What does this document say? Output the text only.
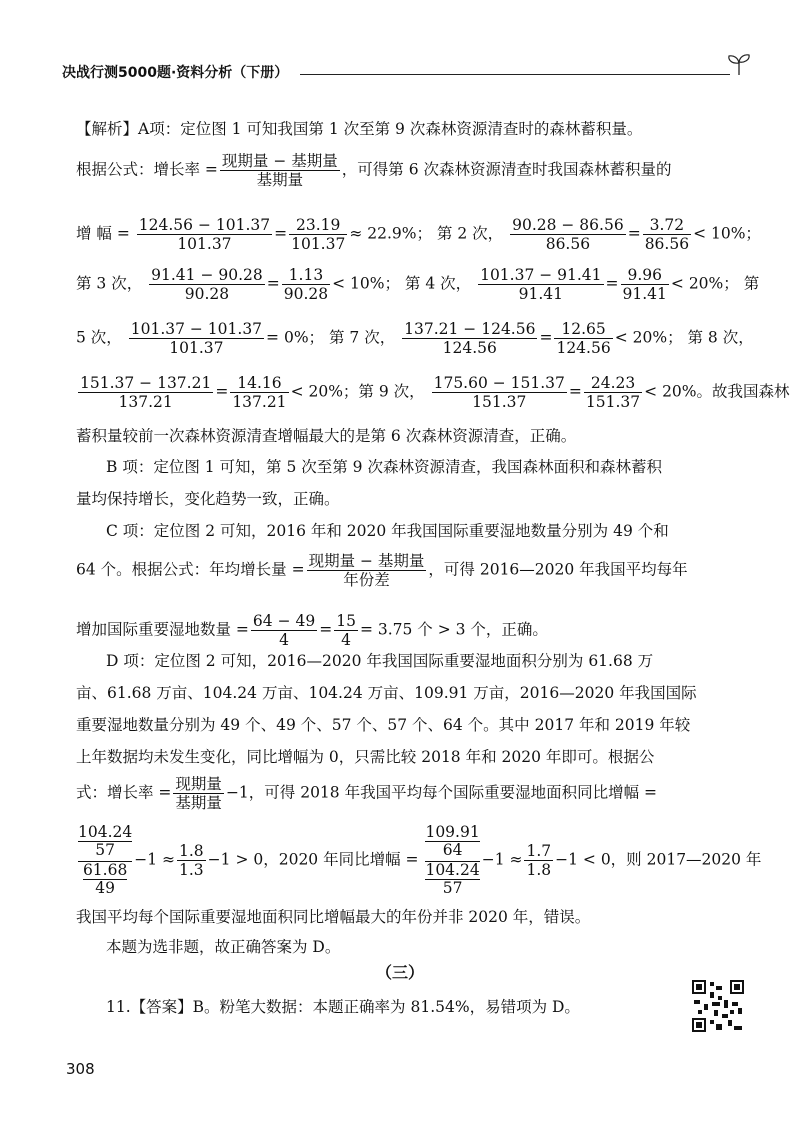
决战行测5000题·资料分析（下册）
【解析】A项：定位图 1 可知我国第 1 次至第 9 次森林资源清查时的森林蓄积量。
根据公式：增长率 = $\frac{\text{现期量 − 基期量}}{\text{基期量}}$ ，可得第 6 次森林资源清查时我国森林蓄积量的
增 幅 = $\frac{124.56 - 101.37}{101.37} = \frac{23.19}{101.37} \approx 22.9\%$； 第 2 次， $\frac{90.28 - 86.56}{86.56} = \frac{3.72}{86.56} < 10\%$；
第 3 次， $\frac{91.41 - 90.28}{90.28} = \frac{1.13}{90.28} < 10\%$； 第 4 次， $\frac{101.37 - 91.41}{91.41} = \frac{9.96}{91.41} < 20\%$； 第
5 次， $\frac{101.37 - 101.37}{101.37} = 0\%$； 第 7 次， $\frac{137.21 - 124.56}{124.56} = \frac{12.65}{124.56} < 20\%$； 第 8 次，
$\frac{151.37 - 137.21}{137.21} = \frac{14.16}{137.21} < 20\%$；第 9 次， $\frac{175.60 - 151.37}{151.37} = \frac{24.23}{151.37} < 20\%$。故我国森林
蓄积量较前一次森林资源清查增幅最大的是第 6 次森林资源清查，正确。
B 项：定位图 1 可知，第 5 次至第 9 次森林资源清查，我国森林面积和森林蓄积
量均保持增长，变化趋势一致，正确。
C 项：定位图 2 可知，2016 年和 2020 年我国国际重要湿地数量分别为 49 个和
64 个。根据公式：年均增长量 = $\frac{\text{现期量 − 基期量}}{\text{年份差}}$ ，可得 2016—2020 年我国平均每年
增加国际重要湿地数量 = $\frac{64 - 49}{4} = \frac{15}{4} = 3.75$ 个 > 3 个，正确。
D 项：定位图 2 可知，2016—2020 年我国国际重要湿地面积分别为 61.68 万
亩、61.68 万亩、104.24 万亩、104.24 万亩、109.91 万亩，2016—2020 年我国国际
重要湿地数量分别为 49 个、49 个、57 个、57 个、64 个。其中 2017 年和 2019 年较
上年数据均未发生变化，同比增幅为 0，只需比较 2018 年和 2020 年即可。根据公
式：增长率 = $\frac{\text{现期量}}{\text{基期量}} -1$，可得 2018 年我国平均每个国际重要湿地面积同比增幅 =
$\frac{\frac{104.24}{57}}{\frac{61.68}{49}} -1 \approx \frac{1.8}{1.3} -1 > 0$，2020 年同比增幅 = $\frac{\frac{109.91}{64}}{\frac{104.24}{57}} -1 \approx \frac{1.7}{1.8} -1 < 0$，则 2017—2020 年
我国平均每个国际重要湿地面积同比增幅最大的年份并非 2020 年，错误。
本题为选非题，故正确答案为 D。
（三）
11.【答案】B。粉笔大数据：本题正确率为 81.54%，易错项为 D。
308
